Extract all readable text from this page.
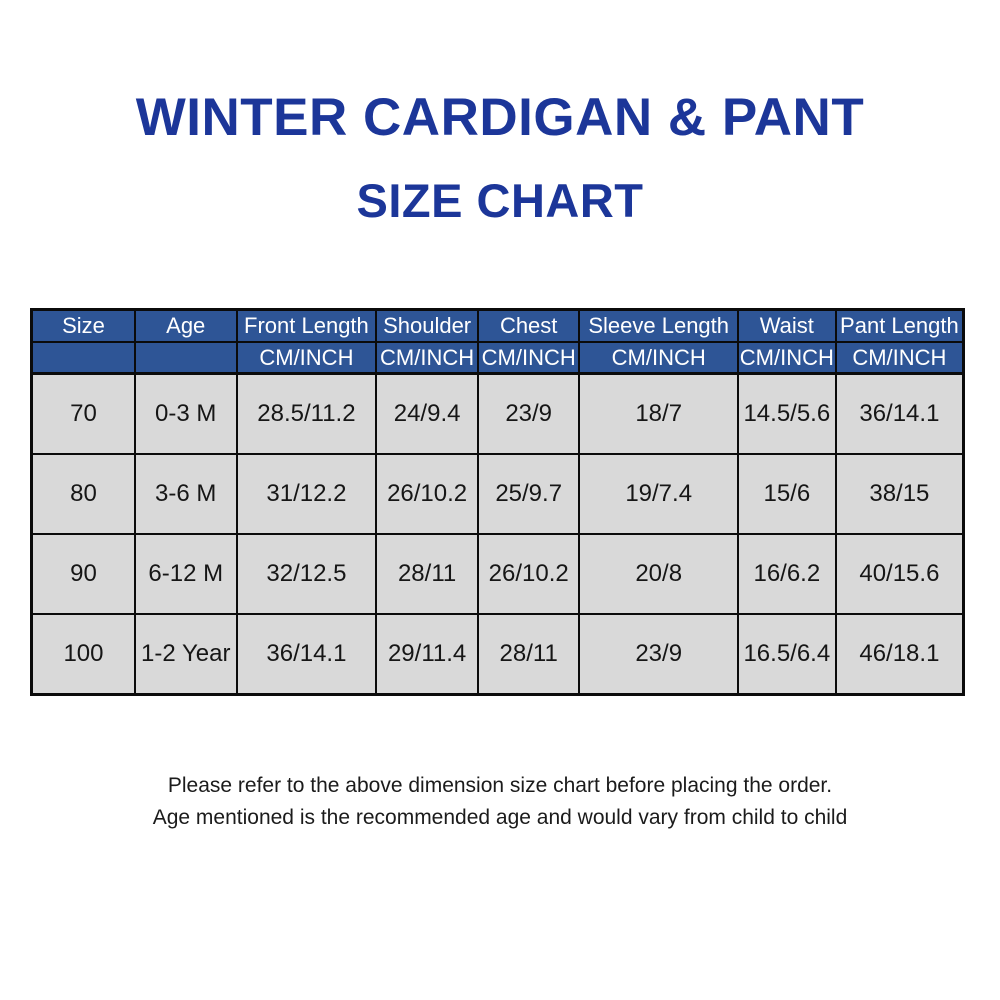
WINTER CARDIGAN & PANT
SIZE CHART
Size	Age	Front Length	Shoulder	Chest	Sleeve Length	Waist	Pant Length
		CM/INCH	CM/INCH	CM/INCH	CM/INCH	CM/INCH	CM/INCH
70	0-3 M	28.5/11.2	24/9.4	23/9	18/7	14.5/5.6	36/14.1
80	3-6 M	31/12.2	26/10.2	25/9.7	19/7.4	15/6	38/15
90	6-12 M	32/12.5	28/11	26/10.2	20/8	16/6.2	40/15.6
100	1-2 Year	36/14.1	29/11.4	28/11	23/9	16.5/6.4	46/18.1
Please refer to the above dimension size chart before placing the order.
Age mentioned is the recommended age and would vary from child to child
